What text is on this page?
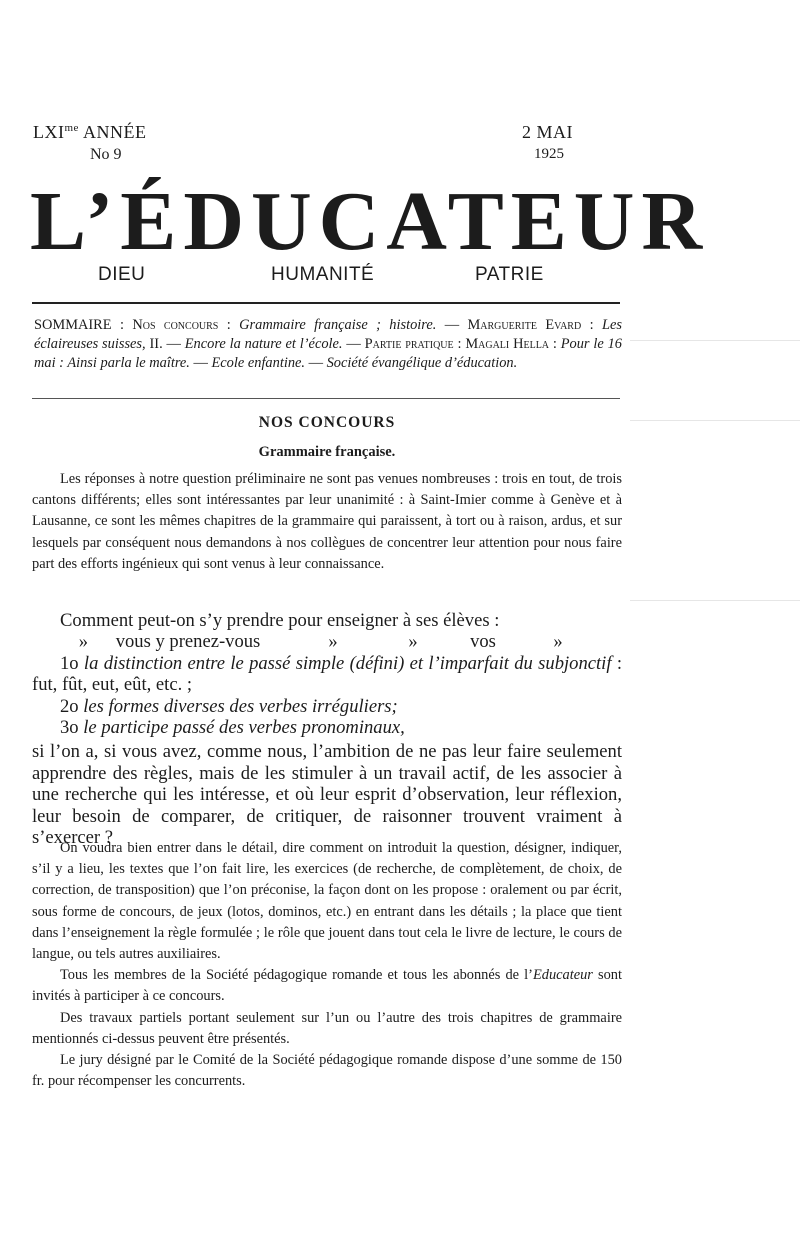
$LXI^{me}$ ANNÉE
No 9
2 MAI
1925
L’ÉDUCATEUR
DIEU	HUMANITÉ	PATRIE
SOMMAIRE : Nos concours : Grammaire française ; histoire. — Marguerite Evard : Les éclaireuses suisses, II. — Encore la nature et l’école. — Partie pratique : Magali Hella : Pour le 16 mai : Ainsi parla le maître. — Ecole enfantine. — Société évangélique d’éducation.
NOS CONCOURS
Grammaire française.

Les réponses à notre question préliminaire ne sont pas venues nombreuses : trois en tout, de trois cantons différents; elles sont intéressantes par leur unanimité : à Saint-Imier comme à Genève et à Lausanne, ce sont les mêmes chapitres de la grammaire qui paraissent, à tort ou à raison, ardus, et sur lesquels par conséquent nous demandons à nos collègues de concentrer leur attention pour nous faire part des efforts ingénieux qui sont venus à leur connaissance.

Comment peut-on s’y prendre pour enseigner à ses élèves :

»	vous y prenez-vous	»	»	vos	»

1o la distinction entre le passé simple (défini) et l’imparfait du subjonctif : fut, fût, eut, eût, etc. ;

2o les formes diverses des verbes irréguliers;

3o le participe passé des verbes pronominaux,

si l’on a, si vous avez, comme nous, l’ambition de ne pas leur faire seulement apprendre des règles, mais de les stimuler à un travail actif, de les associer à une recherche qui les intéresse, et où leur esprit d’observation, leur réflexion, leur besoin de comparer, de critiquer, de raisonner trouvent vraiment à s’exercer ?

On voudra bien entrer dans le détail, dire comment on introduit la question, désigner, indiquer, s’il y a lieu, les textes que l’on fait lire, les exercices (de recherche, de complètement, de choix, de correction, de transposition) que l’on préconise, la façon dont on les propose : oralement ou par écrit, sous forme de concours, de jeux (lotos, dominos, etc.) en entrant dans les détails ; la place que tient dans l’enseignement la règle formulée ; le rôle que jouent dans tout cela le livre de lecture, le cours de langue, ou tels autres auxiliaires.

Tous les membres de la Société pédagogique romande et tous les abonnés de l’Educateur sont invités à participer à ce concours.

Des travaux partiels portant seulement sur l’un ou l’autre des trois chapitres de grammaire mentionnés ci-dessus peuvent être présentés.

Le jury désigné par le Comité de la Société pédagogique romande dispose d’une somme de 150 fr. pour récompenser les concurrents.
